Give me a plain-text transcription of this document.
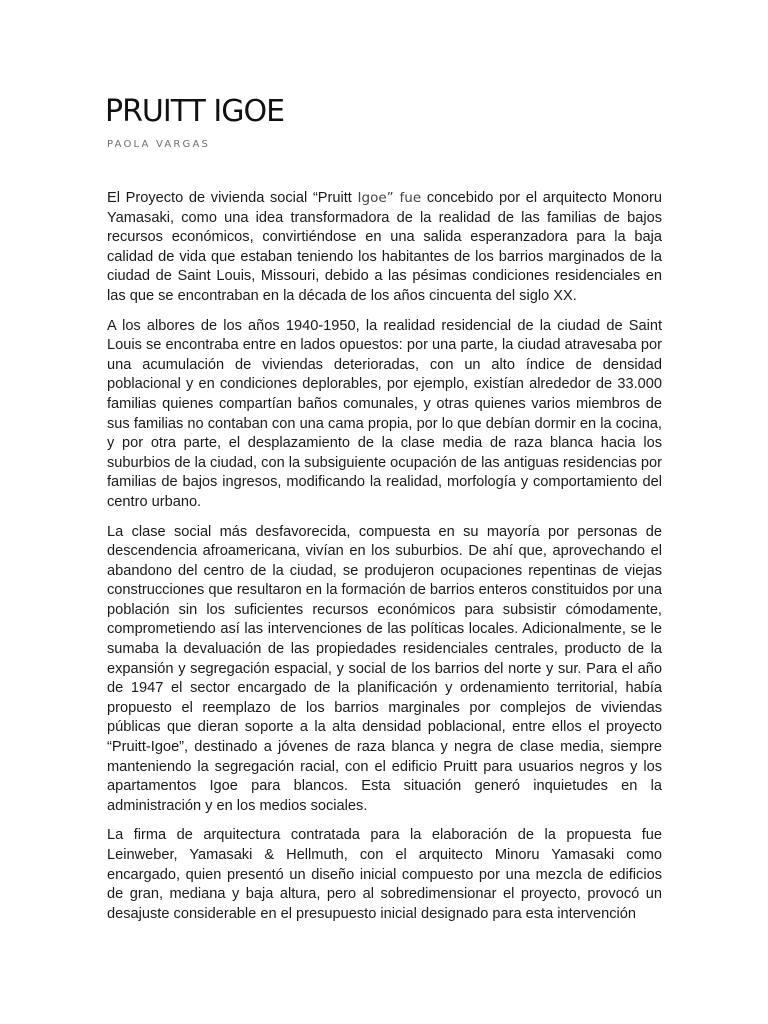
PRUITT IGOE
PAOLA VARGAS

El Proyecto de vivienda social “Pruitt Igoe” fue concebido por el arquitecto Monoru Yamasaki, como una idea transformadora de la realidad de las familias de bajos recursos económicos, convirtiéndose en una salida esperanzadora para la baja calidad de vida que estaban teniendo los habitantes de los barrios marginados de la ciudad de Saint Louis, Missouri, debido a las pésimas condiciones residenciales en las que se encontraban en la década de los años cincuenta del siglo XX.

A los albores de los años 1940-1950, la realidad residencial de la ciudad de Saint Louis se encontraba entre en lados opuestos: por una parte, la ciudad atravesaba por una acumulación de viviendas deterioradas, con un alto índice de densidad poblacional y en condiciones deplorables, por ejemplo, existían alrededor de 33.000 familias quienes compartían baños comunales, y otras quienes varios miembros de sus familias no contaban con una cama propia, por lo que debían dormir en la cocina, y por otra parte, el desplazamiento de la clase media de raza blanca hacia los suburbios de la ciudad, con la subsiguiente ocupación de las antiguas residencias por familias de bajos ingresos, modificando la realidad, morfología y comportamiento del centro urbano.

La clase social más desfavorecida, compuesta en su mayoría por personas de descendencia afroamericana, vivían en los suburbios. De ahí que, aprovechando el abandono del centro de la ciudad, se produjeron ocupaciones repentinas de viejas construcciones que resultaron en la formación de barrios enteros constituidos por una población sin los suficientes recursos económicos para subsistir cómodamente, comprometiendo así las intervenciones de las políticas locales. Adicionalmente, se le sumaba la devaluación de las propiedades residenciales centrales, producto de la expansión y segregación espacial, y social de los barrios del norte y sur. Para el año de 1947 el sector encargado de la planificación y ordenamiento territorial, había propuesto el reemplazo de los barrios marginales por complejos de viviendas públicas que dieran soporte a la alta densidad poblacional, entre ellos el proyecto “Pruitt-Igoe”, destinado a jóvenes de raza blanca y negra de clase media, siempre manteniendo la segregación racial, con el edificio Pruitt para usuarios negros y los apartamentos Igoe para blancos. Esta situación generó inquietudes en la administración y en los medios sociales.

La firma de arquitectura contratada para la elaboración de la propuesta fue Leinweber, Yamasaki & Hellmuth, con el arquitecto Minoru Yamasaki como encargado, quien presentó un diseño inicial compuesto por una mezcla de edificios de gran, mediana y baja altura, pero al sobredimensionar el proyecto, provocó un desajuste considerable en el presupuesto inicial designado para esta intervención
